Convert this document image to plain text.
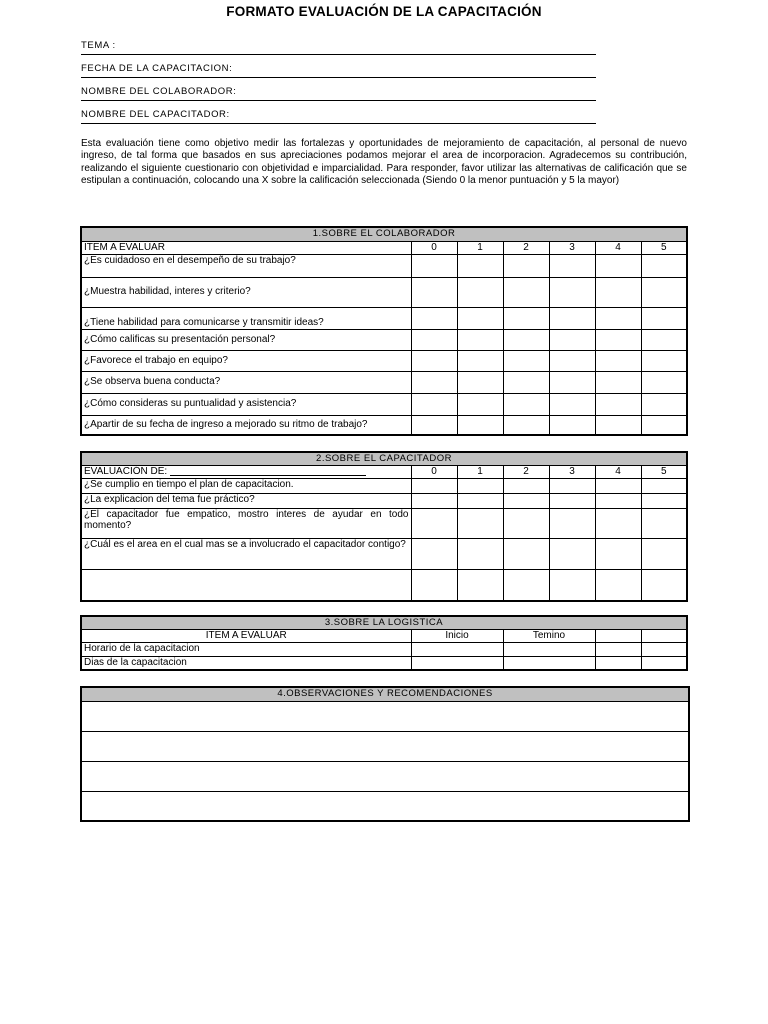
FORMATO EVALUACIÓN DE LA CAPACITACIÓN
TEMA :
FECHA DE LA CAPACITACION:
NOMBRE DEL COLABORADOR:
NOMBRE DEL CAPACITADOR:
Esta evaluación tiene como objetivo medir las fortalezas y oportunidades de mejoramiento de capacitación, al personal de nuevo ingreso, de tal forma que basados en sus apreciaciones podamos mejorar el area de incorporacion. Agradecemos su contribución, realizando el siguiente cuestionario con objetividad e imparcialidad. Para responder, favor utilizar las alternativas de calificación que se estipulan a continuación, colocando una X sobre la calificación seleccionada (Siendo 0 la menor puntuación y 5 la mayor)
1.SOBRE EL COLABORADOR						
ITEM A EVALUAR	0	1	2	3	4	5
¿Es cuidadoso en el desempeño de su trabajo?						
¿Muestra habilidad, interes y criterio?						
¿Tiene habilidad para comunicarse y transmitir ideas?						
¿Cómo calificas su presentación personal?						
¿Favorece el trabajo en equipo?						
¿Se observa buena conducta?						
¿Cómo consideras su puntualidad y asistencia?						
¿Apartir de su fecha de ingreso a mejorado su ritmo de trabajo?						
2.SOBRE EL CAPACITADOR						
EVALUACIÓN DE:	0	1	2	3	4	5
¿Se cumplio en tiempo el plan de capacitacion.						
¿La explicacion del tema fue práctico?						
¿El capacitador fue empatico, mostro interes de ayudar en todo momento?						
¿Cuál es el area en el cual mas se a involucrado el capacitador contigo?						

3.SOBRE LA LOGISTICA				
ITEM A EVALUAR	Inicio	Temino		
Horario de la capacitacion				
Dias de la capacitacion				
4.OBSERVACIONES Y RECOMENDACIONES
